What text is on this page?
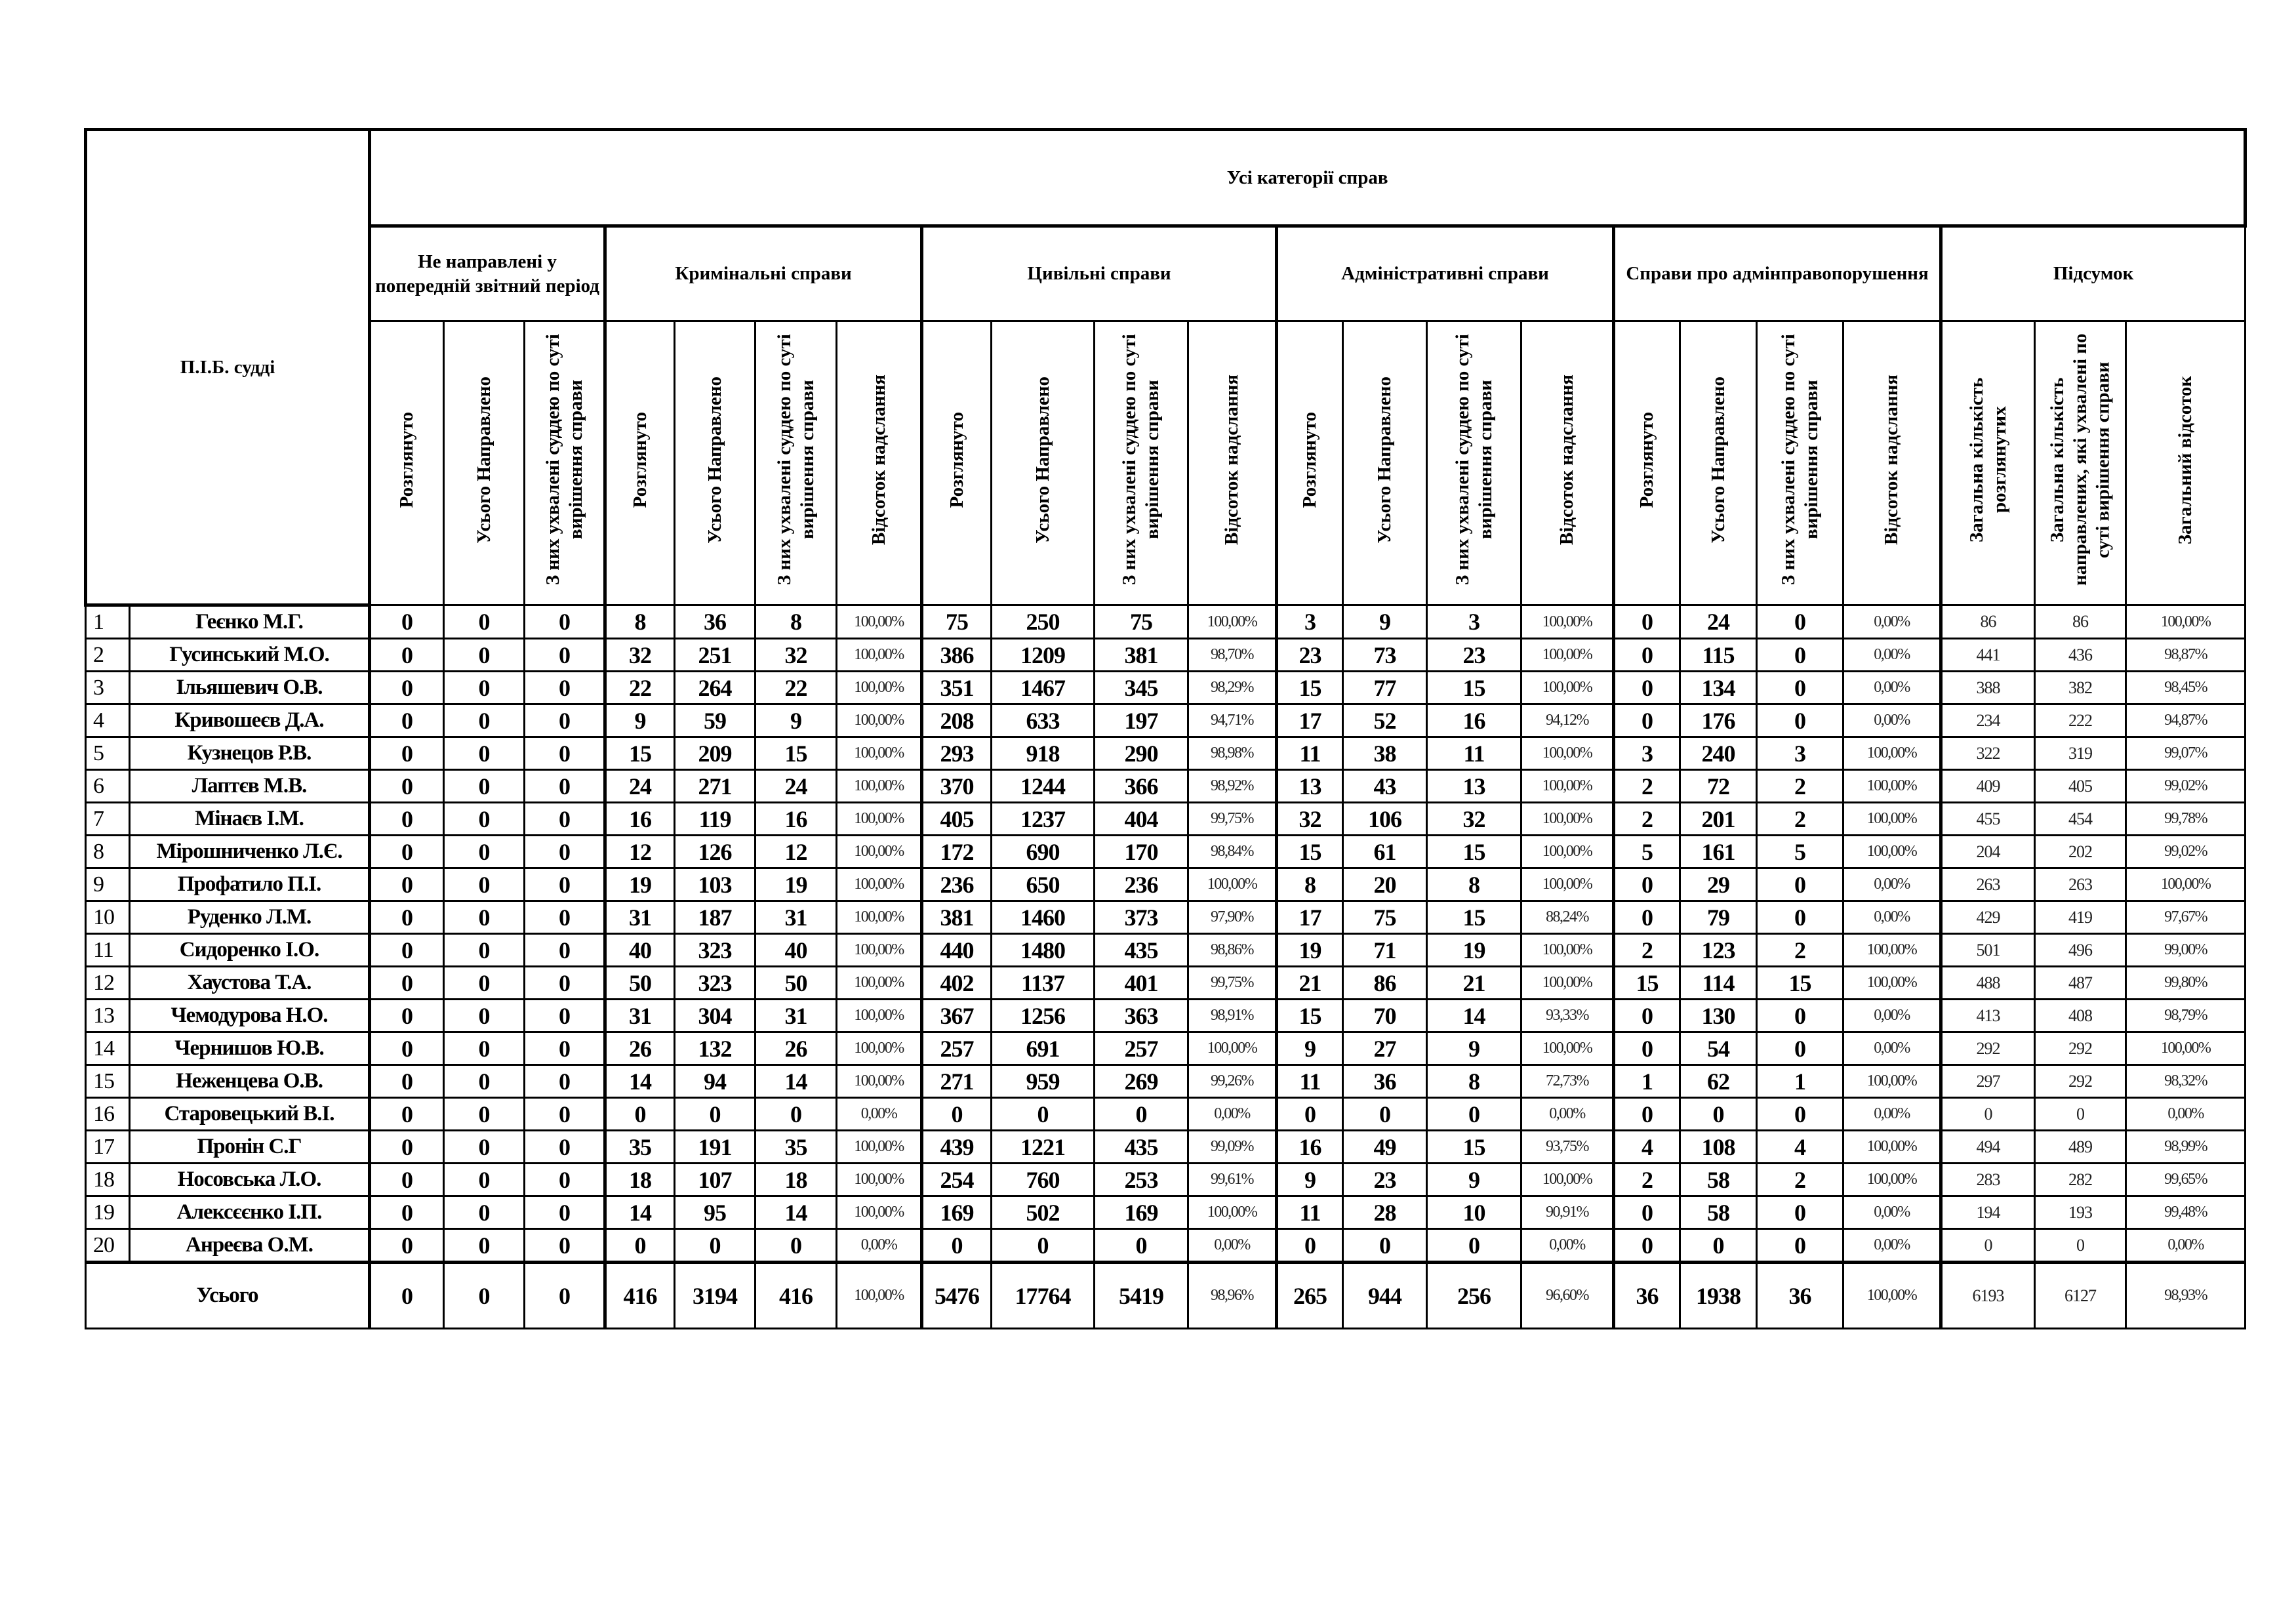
П.І.Б. судді		Усі категорії справ																					
		Не направлені у попередній звітний період			Кримінальні справи				Цивільні справи				Адміністративні справи				Справи про адмінправопорушення				Підсумок		
		Розглянуто	Усього Направлено	З них ухвалені суддею по суті вирішення справи	Розглянуто	Усього Направлено	З них ухвалені суддею по суті вирішення справи	Відсоток надслання	Розглянуто	Усього Направлено	З них ухвалені суддею по суті вирішення справи	Відсоток надслання	Розглянуто	Усього Направлено	З них ухвалені суддею по суті вирішення справи	Відсоток надслання	Розглянуто	Усього Направлено	З них ухвалені суддею по суті вирішення справи	Відсоток надслання	Загальна кількість розглянутих	Загальна кількість направлених, які ухвалені по суті вирішення справи	Загальний відсоток
1	Геєнко М.Г.	0	0	0	8	36	8	100,00%	75	250	75	100,00%	3	9	3	100,00%	0	24	0	0,00%	86	86	100,00%
2	Гусинський М.О.	0	0	0	32	251	32	100,00%	386	1209	381	98,70%	23	73	23	100,00%	0	115	0	0,00%	441	436	98,87%
3	Ільяшевич О.В.	0	0	0	22	264	22	100,00%	351	1467	345	98,29%	15	77	15	100,00%	0	134	0	0,00%	388	382	98,45%
4	Кривошеєв Д.А.	0	0	0	9	59	9	100,00%	208	633	197	94,71%	17	52	16	94,12%	0	176	0	0,00%	234	222	94,87%
5	Кузнецов Р.В.	0	0	0	15	209	15	100,00%	293	918	290	98,98%	11	38	11	100,00%	3	240	3	100,00%	322	319	99,07%
6	Лаптєв М.В.	0	0	0	24	271	24	100,00%	370	1244	366	98,92%	13	43	13	100,00%	2	72	2	100,00%	409	405	99,02%
7	Мінаєв І.М.	0	0	0	16	119	16	100,00%	405	1237	404	99,75%	32	106	32	100,00%	2	201	2	100,00%	455	454	99,78%
8	Мірошниченко Л.Є.	0	0	0	12	126	12	100,00%	172	690	170	98,84%	15	61	15	100,00%	5	161	5	100,00%	204	202	99,02%
9	Профатило П.І.	0	0	0	19	103	19	100,00%	236	650	236	100,00%	8	20	8	100,00%	0	29	0	0,00%	263	263	100,00%
10	Руденко Л.М.	0	0	0	31	187	31	100,00%	381	1460	373	97,90%	17	75	15	88,24%	0	79	0	0,00%	429	419	97,67%
11	Сидоренко І.О.	0	0	0	40	323	40	100,00%	440	1480	435	98,86%	19	71	19	100,00%	2	123	2	100,00%	501	496	99,00%
12	Хаустова Т.А.	0	0	0	50	323	50	100,00%	402	1137	401	99,75%	21	86	21	100,00%	15	114	15	100,00%	488	487	99,80%
13	Чемодурова Н.О.	0	0	0	31	304	31	100,00%	367	1256	363	98,91%	15	70	14	93,33%	0	130	0	0,00%	413	408	98,79%
14	Чернишов Ю.В.	0	0	0	26	132	26	100,00%	257	691	257	100,00%	9	27	9	100,00%	0	54	0	0,00%	292	292	100,00%
15	Неженцева О.В.	0	0	0	14	94	14	100,00%	271	959	269	99,26%	11	36	8	72,73%	1	62	1	100,00%	297	292	98,32%
16	Старовецький В.І.	0	0	0	0	0	0	0,00%	0	0	0	0,00%	0	0	0	0,00%	0	0	0	0,00%	0	0	0,00%
17	Пронін С.Г	0	0	0	35	191	35	100,00%	439	1221	435	99,09%	16	49	15	93,75%	4	108	4	100,00%	494	489	98,99%
18	Носовська Л.О.	0	0	0	18	107	18	100,00%	254	760	253	99,61%	9	23	9	100,00%	2	58	2	100,00%	283	282	99,65%
19	Алексєєнко І.П.	0	0	0	14	95	14	100,00%	169	502	169	100,00%	11	28	10	90,91%	0	58	0	0,00%	194	193	99,48%
20	Анреєва О.М.	0	0	0	0	0	0	0,00%	0	0	0	0,00%	0	0	0	0,00%	0	0	0	0,00%	0	0	0,00%
Усього		0	0	0	416	3194	416	100,00%	5476	17764	5419	98,96%	265	944	256	96,60%	36	1938	36	100,00%	6193	6127	98,93%
